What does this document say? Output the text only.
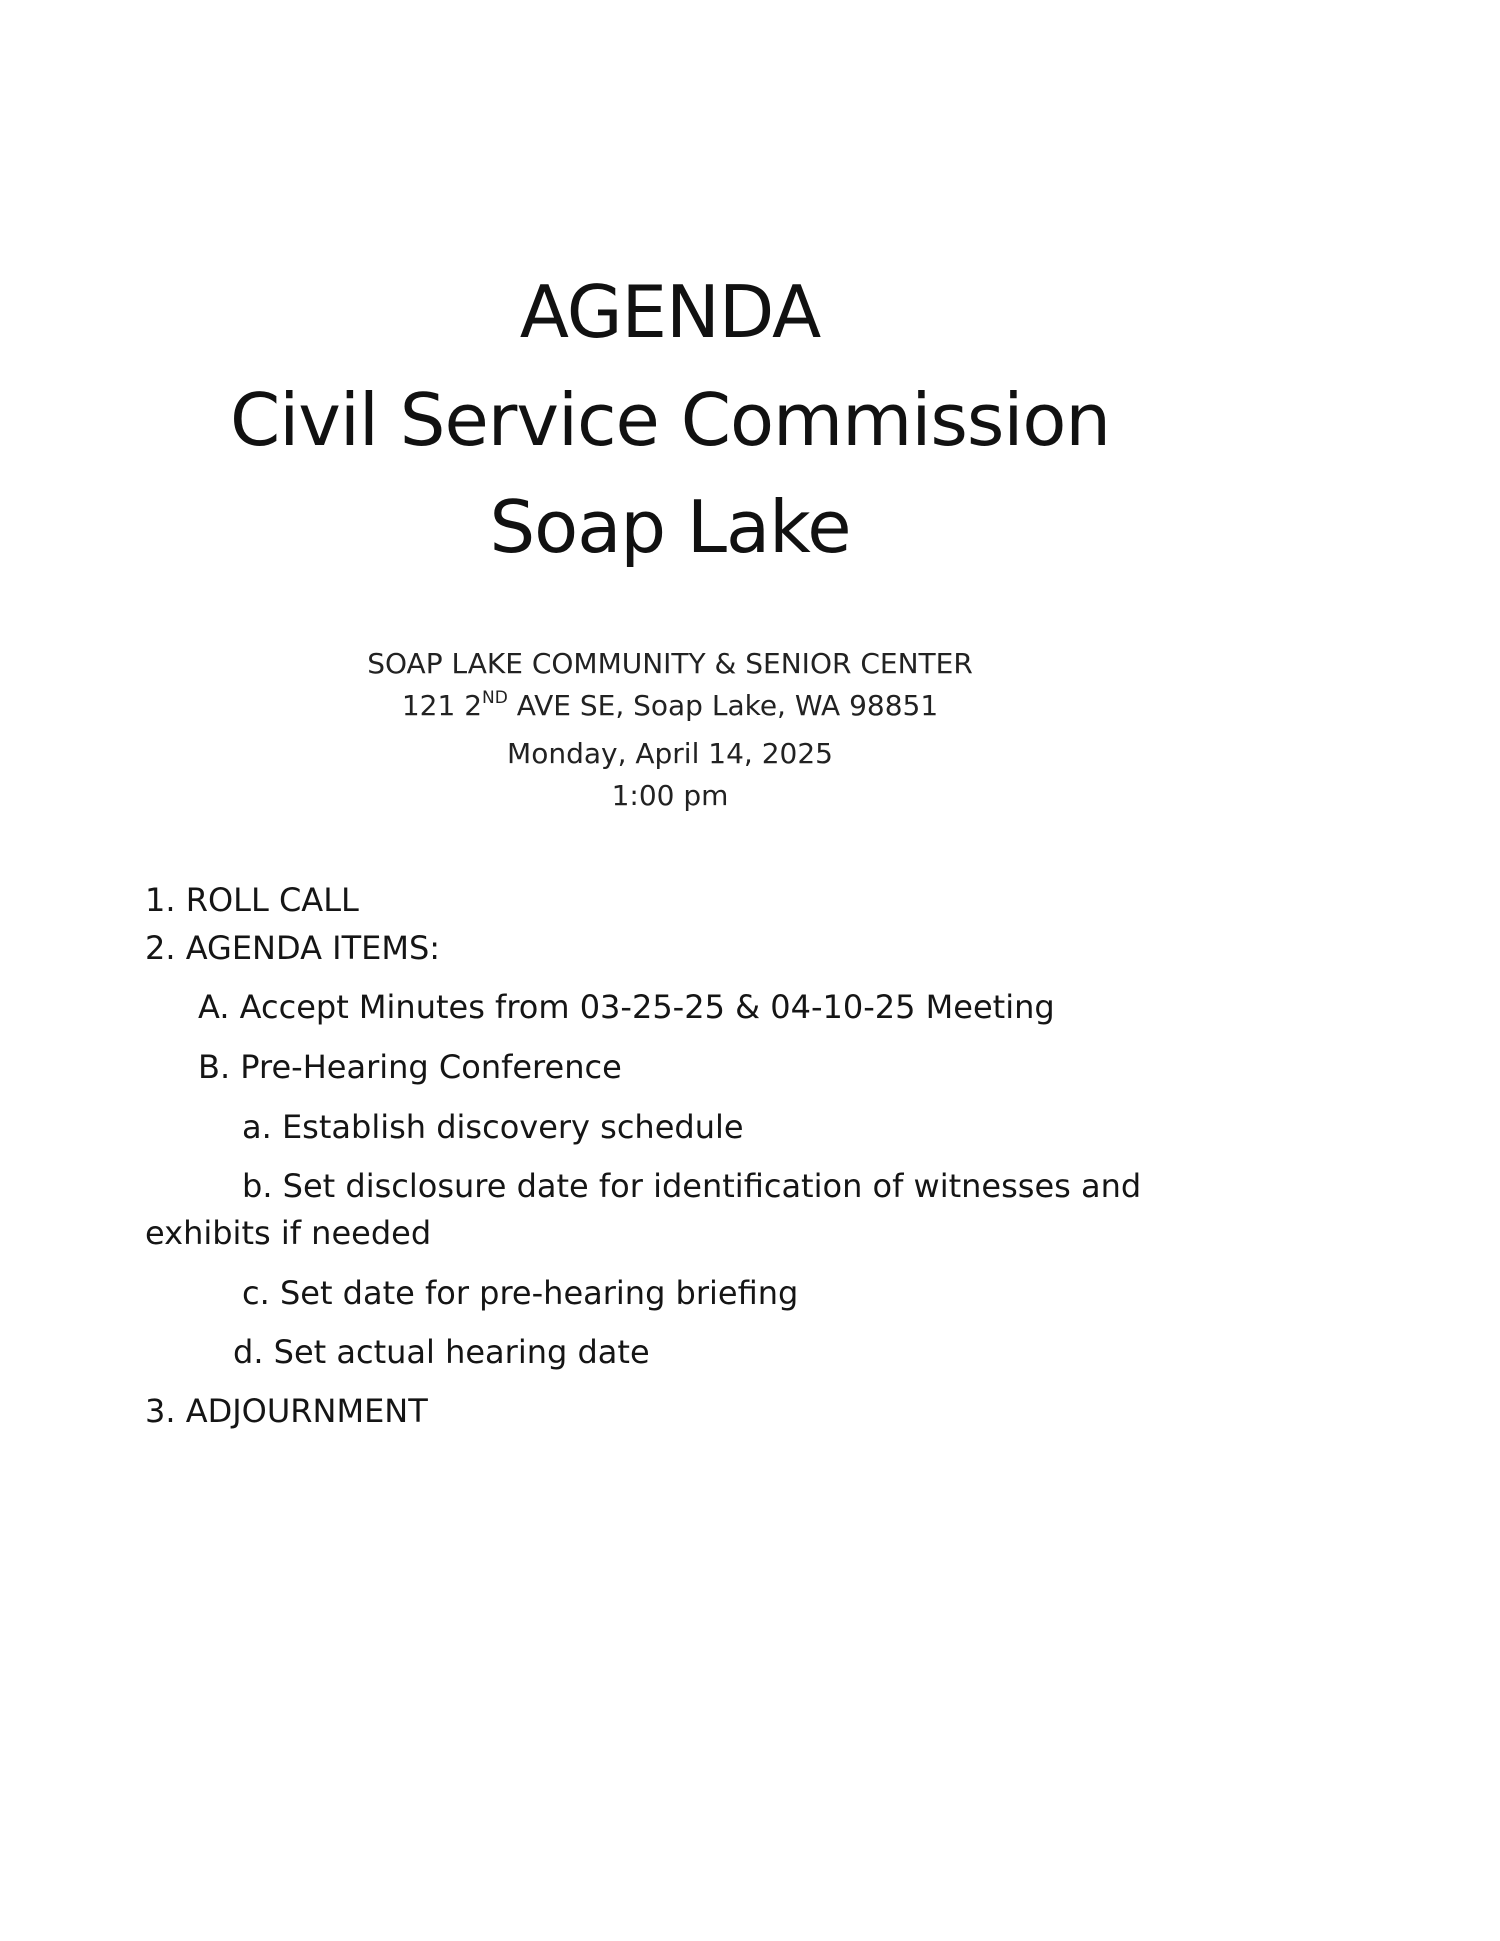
AGENDA
Civil Service Commission
Soap Lake
SOAP LAKE COMMUNITY & SENIOR CENTER
121 2ND AVE SE, Soap Lake, WA 98851
Monday, April 14, 2025
1:00 pm
1. ROLL CALL
2. AGENDA ITEMS:
A. Accept Minutes from 03-25-25 & 04-10-25 Meeting
B. Pre-Hearing Conference
a. Establish discovery schedule
b. Set disclosure date for identification of witnesses and
exhibits if needed
c. Set date for pre-hearing briefing
d. Set actual hearing date
3. ADJOURNMENT
